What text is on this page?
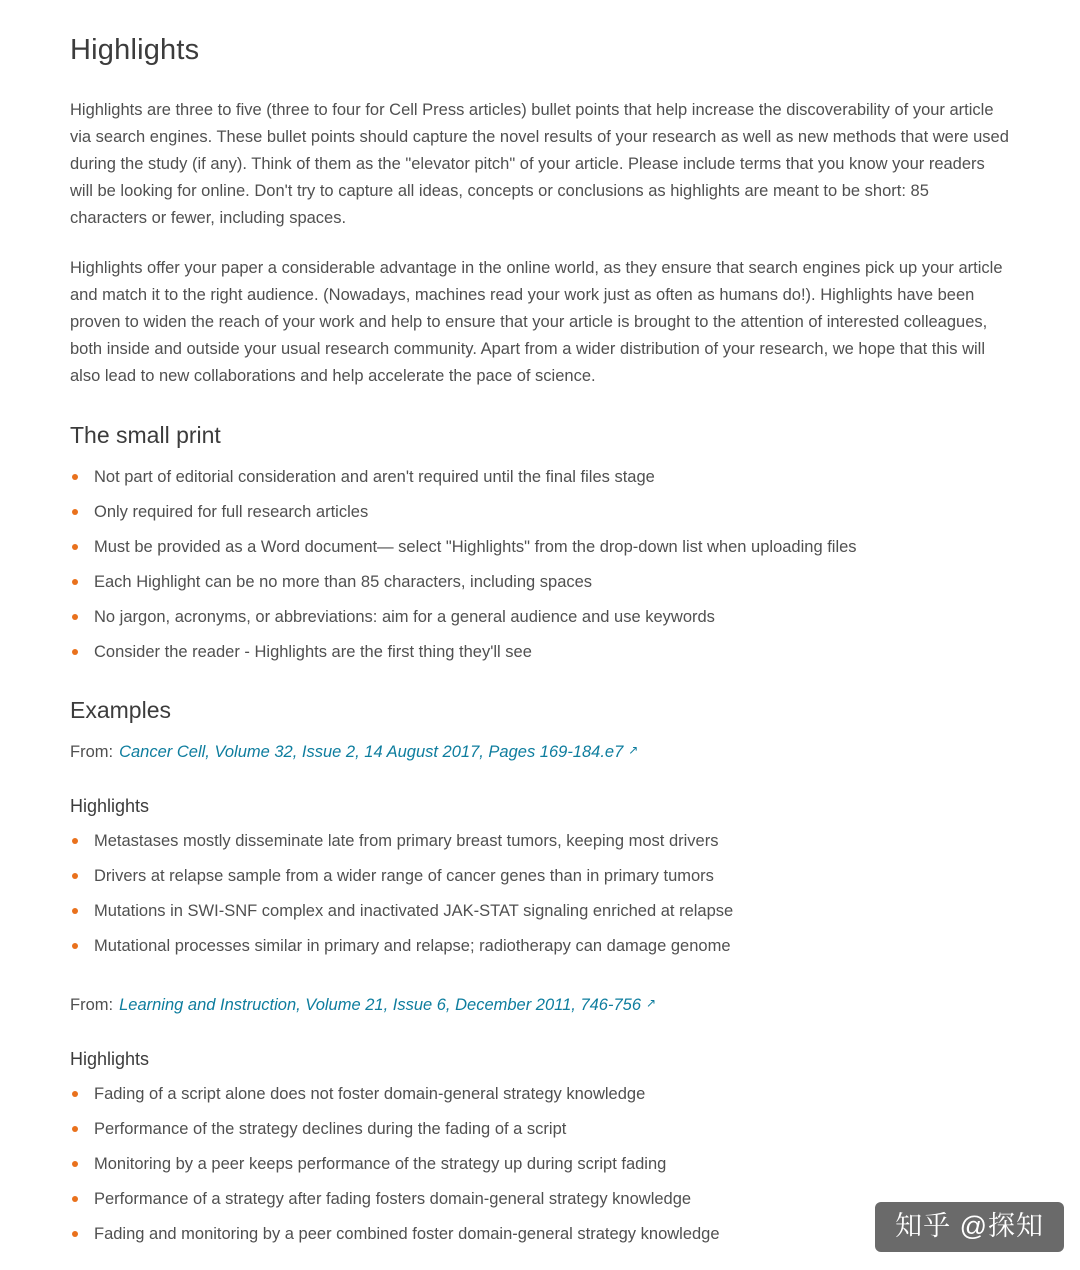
Highlights

Highlights are three to five (three to four for Cell Press articles) bullet points that help increase the discoverability of your article via search engines. These bullet points should capture the novel results of your research as well as new methods that were used during the study (if any). Think of them as the "elevator pitch" of your article. Please include terms that you know your readers will be looking for online. Don't try to capture all ideas, concepts or conclusions as highlights are meant to be short: 85 characters or fewer, including spaces.

Highlights offer your paper a considerable advantage in the online world, as they ensure that search engines pick up your article and match it to the right audience. (Nowadays, machines read your work just as often as humans do!). Highlights have been proven to widen the reach of your work and help to ensure that your article is brought to the attention of interested colleagues, both inside and outside your usual research community. Apart from a wider distribution of your research, we hope that this will also lead to new collaborations and help accelerate the pace of science.

The small print
Not part of editorial consideration and aren't required until the final files stage
Only required for full research articles
Must be provided as a Word document— select "Highlights" from the drop-down list when uploading files
Each Highlight can be no more than 85 characters, including spaces
No jargon, acronyms, or abbreviations: aim for a general audience and use keywords
Consider the reader - Highlights are the first thing they'll see
Examples
From: Cancer Cell, Volume 32, Issue 2, 14 August 2017, Pages 169-184.e7 ↗
Highlights
Metastases mostly disseminate late from primary breast tumors, keeping most drivers
Drivers at relapse sample from a wider range of cancer genes than in primary tumors
Mutations in SWI-SNF complex and inactivated JAK-STAT signaling enriched at relapse
Mutational processes similar in primary and relapse; radiotherapy can damage genome
From: Learning and Instruction, Volume 21, Issue 6, December 2011, 746-756 ↗
Highlights
Fading of a script alone does not foster domain-general strategy knowledge
Performance of the strategy declines during the fading of a script
Monitoring by a peer keeps performance of the strategy up during script fading
Performance of a strategy after fading fosters domain-general strategy knowledge
Fading and monitoring by a peer combined foster domain-general strategy knowledge	知乎 @探知
